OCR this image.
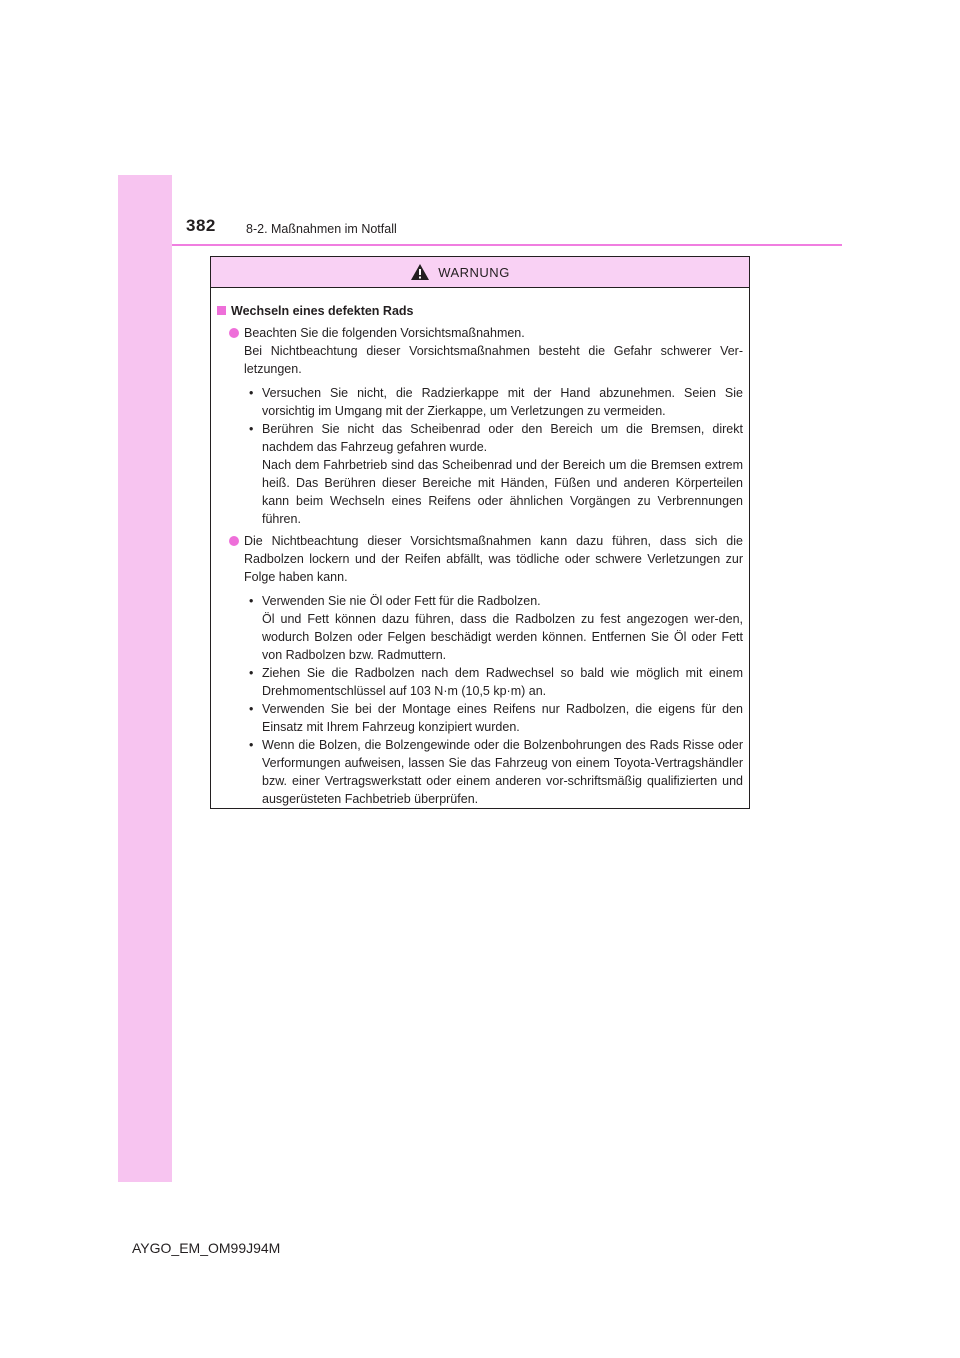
382 8-2. Maßnahmen im Notfall
WARNUNG
Wechseln eines defekten Rads

Beachten Sie die folgenden Vorsichtsmaßnahmen.

Bei Nichtbeachtung dieser Vorsichtsmaßnahmen besteht die Gefahr schwerer Ver-letzungen.

• Versuchen Sie nicht, die Radzierkappe mit der Hand abzunehmen. Seien Sie vorsichtig im Umgang mit der Zierkappe, um Verletzungen zu vermeiden.
• Berühren Sie nicht das Scheibenrad oder den Bereich um die Bremsen, direkt nachdem das Fahrzeug gefahren wurde.
Nach dem Fahrbetrieb sind das Scheibenrad und der Bereich um die Bremsen extrem heiß. Das Berühren dieser Bereiche mit Händen, Füßen und anderen Körperteilen kann beim Wechseln eines Reifens oder ähnlichen Vorgängen zu Verbrennungen führen.

Die Nichtbeachtung dieser Vorsichtsmaßnahmen kann dazu führen, dass sich die Radbolzen lockern und der Reifen abfällt, was tödliche oder schwere Verletzungen zur Folge haben kann.

• Verwenden Sie nie Öl oder Fett für die Radbolzen.
Öl und Fett können dazu führen, dass die Radbolzen zu fest angezogen wer-den, wodurch Bolzen oder Felgen beschädigt werden können. Entfernen Sie Öl oder Fett von Radbolzen bzw. Radmuttern.
• Ziehen Sie die Radbolzen nach dem Radwechsel so bald wie möglich mit einem Drehmomentschlüssel auf 103 N·m (10,5 kp·m) an.
• Verwenden Sie bei der Montage eines Reifens nur Radbolzen, die eigens für den Einsatz mit Ihrem Fahrzeug konzipiert wurden.
• Wenn die Bolzen, die Bolzengewinde oder die Bolzenbohrungen des Rads Risse oder Verformungen aufweisen, lassen Sie das Fahrzeug von einem Toyota-Vertragshändler bzw. einer Vertragswerkstatt oder einem anderen vor-schriftsmäßig qualifizierten und ausgerüsteten Fachbetrieb überprüfen.
AYGO_EM_OM99J94M
